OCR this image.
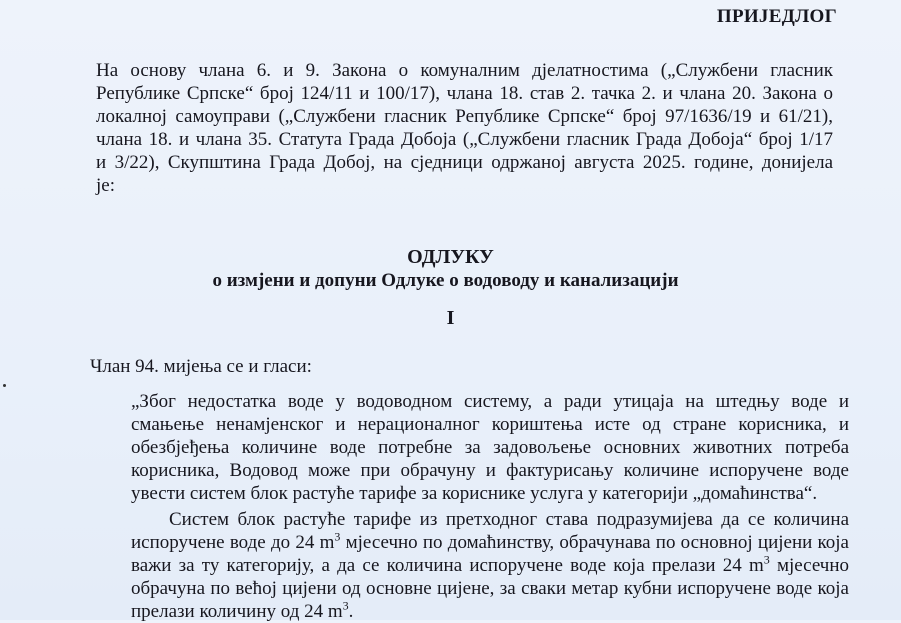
ПРИЈЕДЛОГ
На основу члана 6. и 9. Закона о комуналним дјелатностима („Службени гласник
Републике Српске“ број 124/11 и 100/17), члана 18. став 2. тачка 2. и члана 20. Закона о
локалној самоуправи („Службени гласник Републике Српске“ број 97/1636/19 и 61/21),
члана 18. и члана 35. Статута Града Добоја („Службени гласник Града Добоја“ број 1/17
и 3/22), Скупштина Града Добој, на сједници одржаној августа 2025. године, донијела
је:
ОДЛУКУ
о измјени и допуни Одлуке о водоводу и канализацији
I
Члан 94. мијења се и гласи:
„Због недостатка воде у водоводном систему, а ради утицаја на штедњу воде и
смањење ненамјенског и нерационалног кориштења исте од стране корисника, и
обезбјеђења количине воде потребне за задовољење основних животних потреба
корисника, Водовод може при обрачуну и фактурисању количине испоручене воде
увести систем блок растуће тарифе за кориснике услуга у категорији „домаћинства“.
Систем блок растуће тарифе из претходног става подразумијева да се количина
испоручене воде до 24 $m^3$ мјесечно по домаћинству, обрачунава по основној цијени која
важи за ту категорију, а да се количина испоручене воде која прелази 24 $m^3$ мјесечно
обрачуна по већој цијени од основне цијене, за сваки метар кубни испоручене воде која
прелази количину од 24 $m^3$.
